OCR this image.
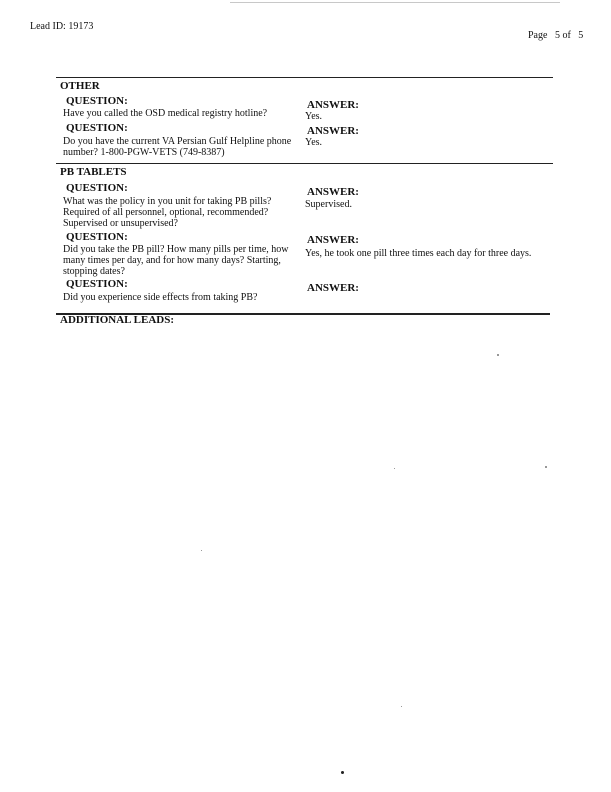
Lead ID: 19173
Page   5 of   5
OTHER
QUESTION:
Have you called the OSD medical registry hotline?
ANSWER:
Yes.
QUESTION:
Do you have the current VA Persian Gulf Helpline phone number? 1-800-PGW-VETS (749-8387)
ANSWER:
Yes.
PB TABLETS
QUESTION:
What was the policy in you unit for taking PB pills? Required of all personnel, optional, recommended? Supervised or unsupervised?
ANSWER:
Supervised.
QUESTION:
Did you take the PB pill? How many pills per time, how many times per day, and for how many days? Starting, stopping dates?
ANSWER:
Yes, he took one pill three times each day for three days.
QUESTION:
Did you experience side effects from taking PB?
ANSWER:
ADDITIONAL LEADS:
